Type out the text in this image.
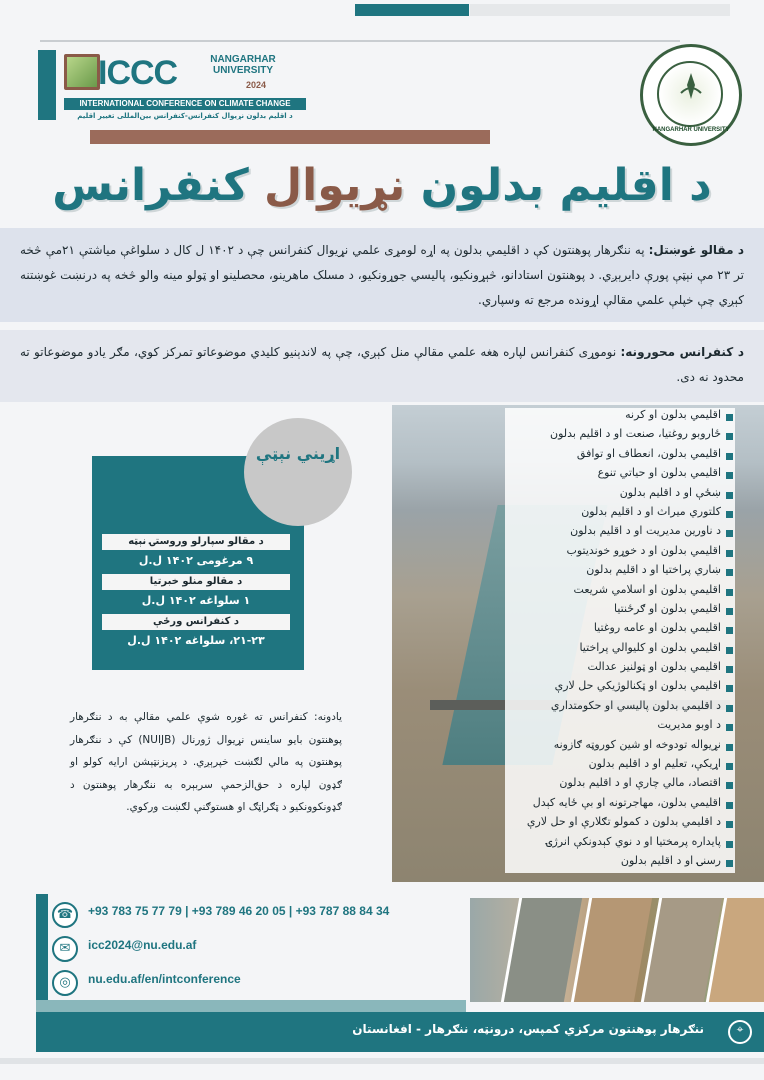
ICCC	NANGARHAR UNIVERSITY
2024
INTERNATIONAL CONFERENCE ON CLIMATE CHANGE
د اقلیم بدلون نړیوال کنفرانس-کنفرانس بین‌المللی تغییر اقلیم
NANGARHAR UNIVERSITY
د اقلیم بدلون نړیوال کنفرانس

د مقالو غوښتل: په ننګرهار پوهنتون کې د اقلیمي بدلون په اړه لومړی علمي نړیوال کنفرانس چې د ۱۴۰۲ ل کال د سلواغې میاشتې ۲۱مې څخه تر ۲۳ مې نېټې پورې دایرېږي. د پوهنتون استادانو، څېړونکیو، پالیسي جوړونکیو، د مسلک ماهرینو، محصلینو او ټولو مینه والو څخه په درنښت غوښتنه کېږي چې خپلې علمي مقالې اړونده مرجع ته وسپاري.

د کنفرانس محورونه: نوموړی کنفرانس لپاره هغه علمي مقالې منل کېږي، چې په لاندېنیو کلیدي موضوعاتو تمرکز کوي، مګر یادو موضوعاتو ته محدود نه دی.

اقلیمي بدلون او کرنه
ځاروبو روغتیا، صنعت او د اقلیم بدلون
اقلیمي بدلون، انعطاف او توافق
اقلیمي بدلون او حیاتي تنوع
ښځې او د اقلیم بدلون
کلتوري میراث او د اقلیم بدلون
د ناورین مدیریت او د اقلیم بدلون
اقلیمي بدلون او د خوړو خوندیتوب
ښاري پراختیا او د اقلیم بدلون
اقلیمي بدلون او اسلامي شریعت
اقلیمي بدلون او ګرځنتیا
اقلیمي بدلون او عامه روغتیا
اقلیمي بدلون او کلیوالي پراختیا
اقلیمي بدلون او ټولنیز عدالت
اقلیمي بدلون او ټکنالوژيکي حل لارې
د اقلیمي بدلون پالیسي او حکومتداري
د اوبو مدیریت
نړیواله تودوخه او شین کوروټه ګازونه
اړیکې، تعلیم او د اقلیم بدلون
اقتصاد، مالي چارې او د اقلیم بدلون
اقلیمي بدلون، مهاجرتونه او بې ځایه کېدل
د اقلیمي بدلون د کمولو تګلارې او حل لارې
پایداره پرمختیا او د نوي کېدونکې انرژۍ
رسنۍ او د اقلیم بدلون
اړیني نېټې
د مقالو سپارلو وروستۍ نېټه
۹ مرغومی ۱۴۰۲ ل.ل
د مقالو منلو خبرتیا
۱ سلواغه ۱۴۰۲ ل.ل
د کنفرانس ورځې
۲۱-۲۳، سلواغه ۱۴۰۲ ل.ل

یادونه: کنفرانس ته غوره شوې علمي مقالې به د ننګرهار پوهنتون بایو ساینس نړیوال ژورنال (NUIJB) کې د ننګرهار پوهنتون په مالي لګښت خپرېږي. د پریزنټېشن ارایه کولو او ګډون لپاره د حق‌الزحمې سربېره به ننګرهار پوهنتون د ګډونکوونکیو د ټګراټګ او هستوګنې لګښت ورکوي.

☎	+93 783 75 77 79 | +93 789 46 20 05 | +93 787 88 84 34
✉	icc2024@nu.edu.af
◎	nu.edu.af/en/intconference
ننګرهار پوهنتون مرکزي کمپس، درونټه، ننګرهار - افغانستان	⌖
